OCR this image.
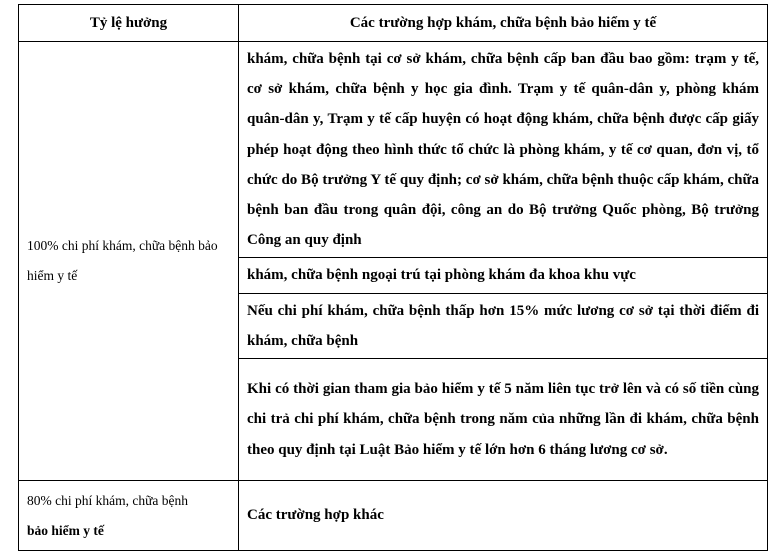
Tỷ lệ hưởng	Các trường hợp khám, chữa bệnh bảo hiểm y tế
100% chi phí khám, chữa bệnh bảo hiểm y tế	khám, chữa bệnh tại cơ sở khám, chữa bệnh cấp ban đầu bao gồm: trạm y tế, cơ sở khám, chữa bệnh y học gia đình. Trạm y tế quân-dân y, phòng khám quân-dân y, Trạm y tế cấp huyện có hoạt động khám, chữa bệnh được cấp giấy phép hoạt động theo hình thức tổ chức là phòng khám, y tế cơ quan, đơn vị, tổ chức do Bộ trưởng Y tế quy định; cơ sở khám, chữa bệnh thuộc cấp khám, chữa bệnh ban đầu trong quân đội, công an do Bộ trưởng Quốc phòng, Bộ trưởng Công an quy định
	khám, chữa bệnh ngoại trú tại phòng khám đa khoa khu vực
	Nếu chi phí khám, chữa bệnh thấp hơn 15% mức lương cơ sở tại thời điểm đi khám, chữa bệnh
	Khi có thời gian tham gia bảo hiểm y tế 5 năm liên tục trở lên và có số tiền cùng chi trả chi phí khám, chữa bệnh trong năm của những lần đi khám, chữa bệnh theo quy định tại Luật Bảo hiểm y tế lớn hơn 6 tháng lương cơ sở.
80% chi phí khám, chữa bệnh
bảo hiểm y tế	Các trường hợp khác
